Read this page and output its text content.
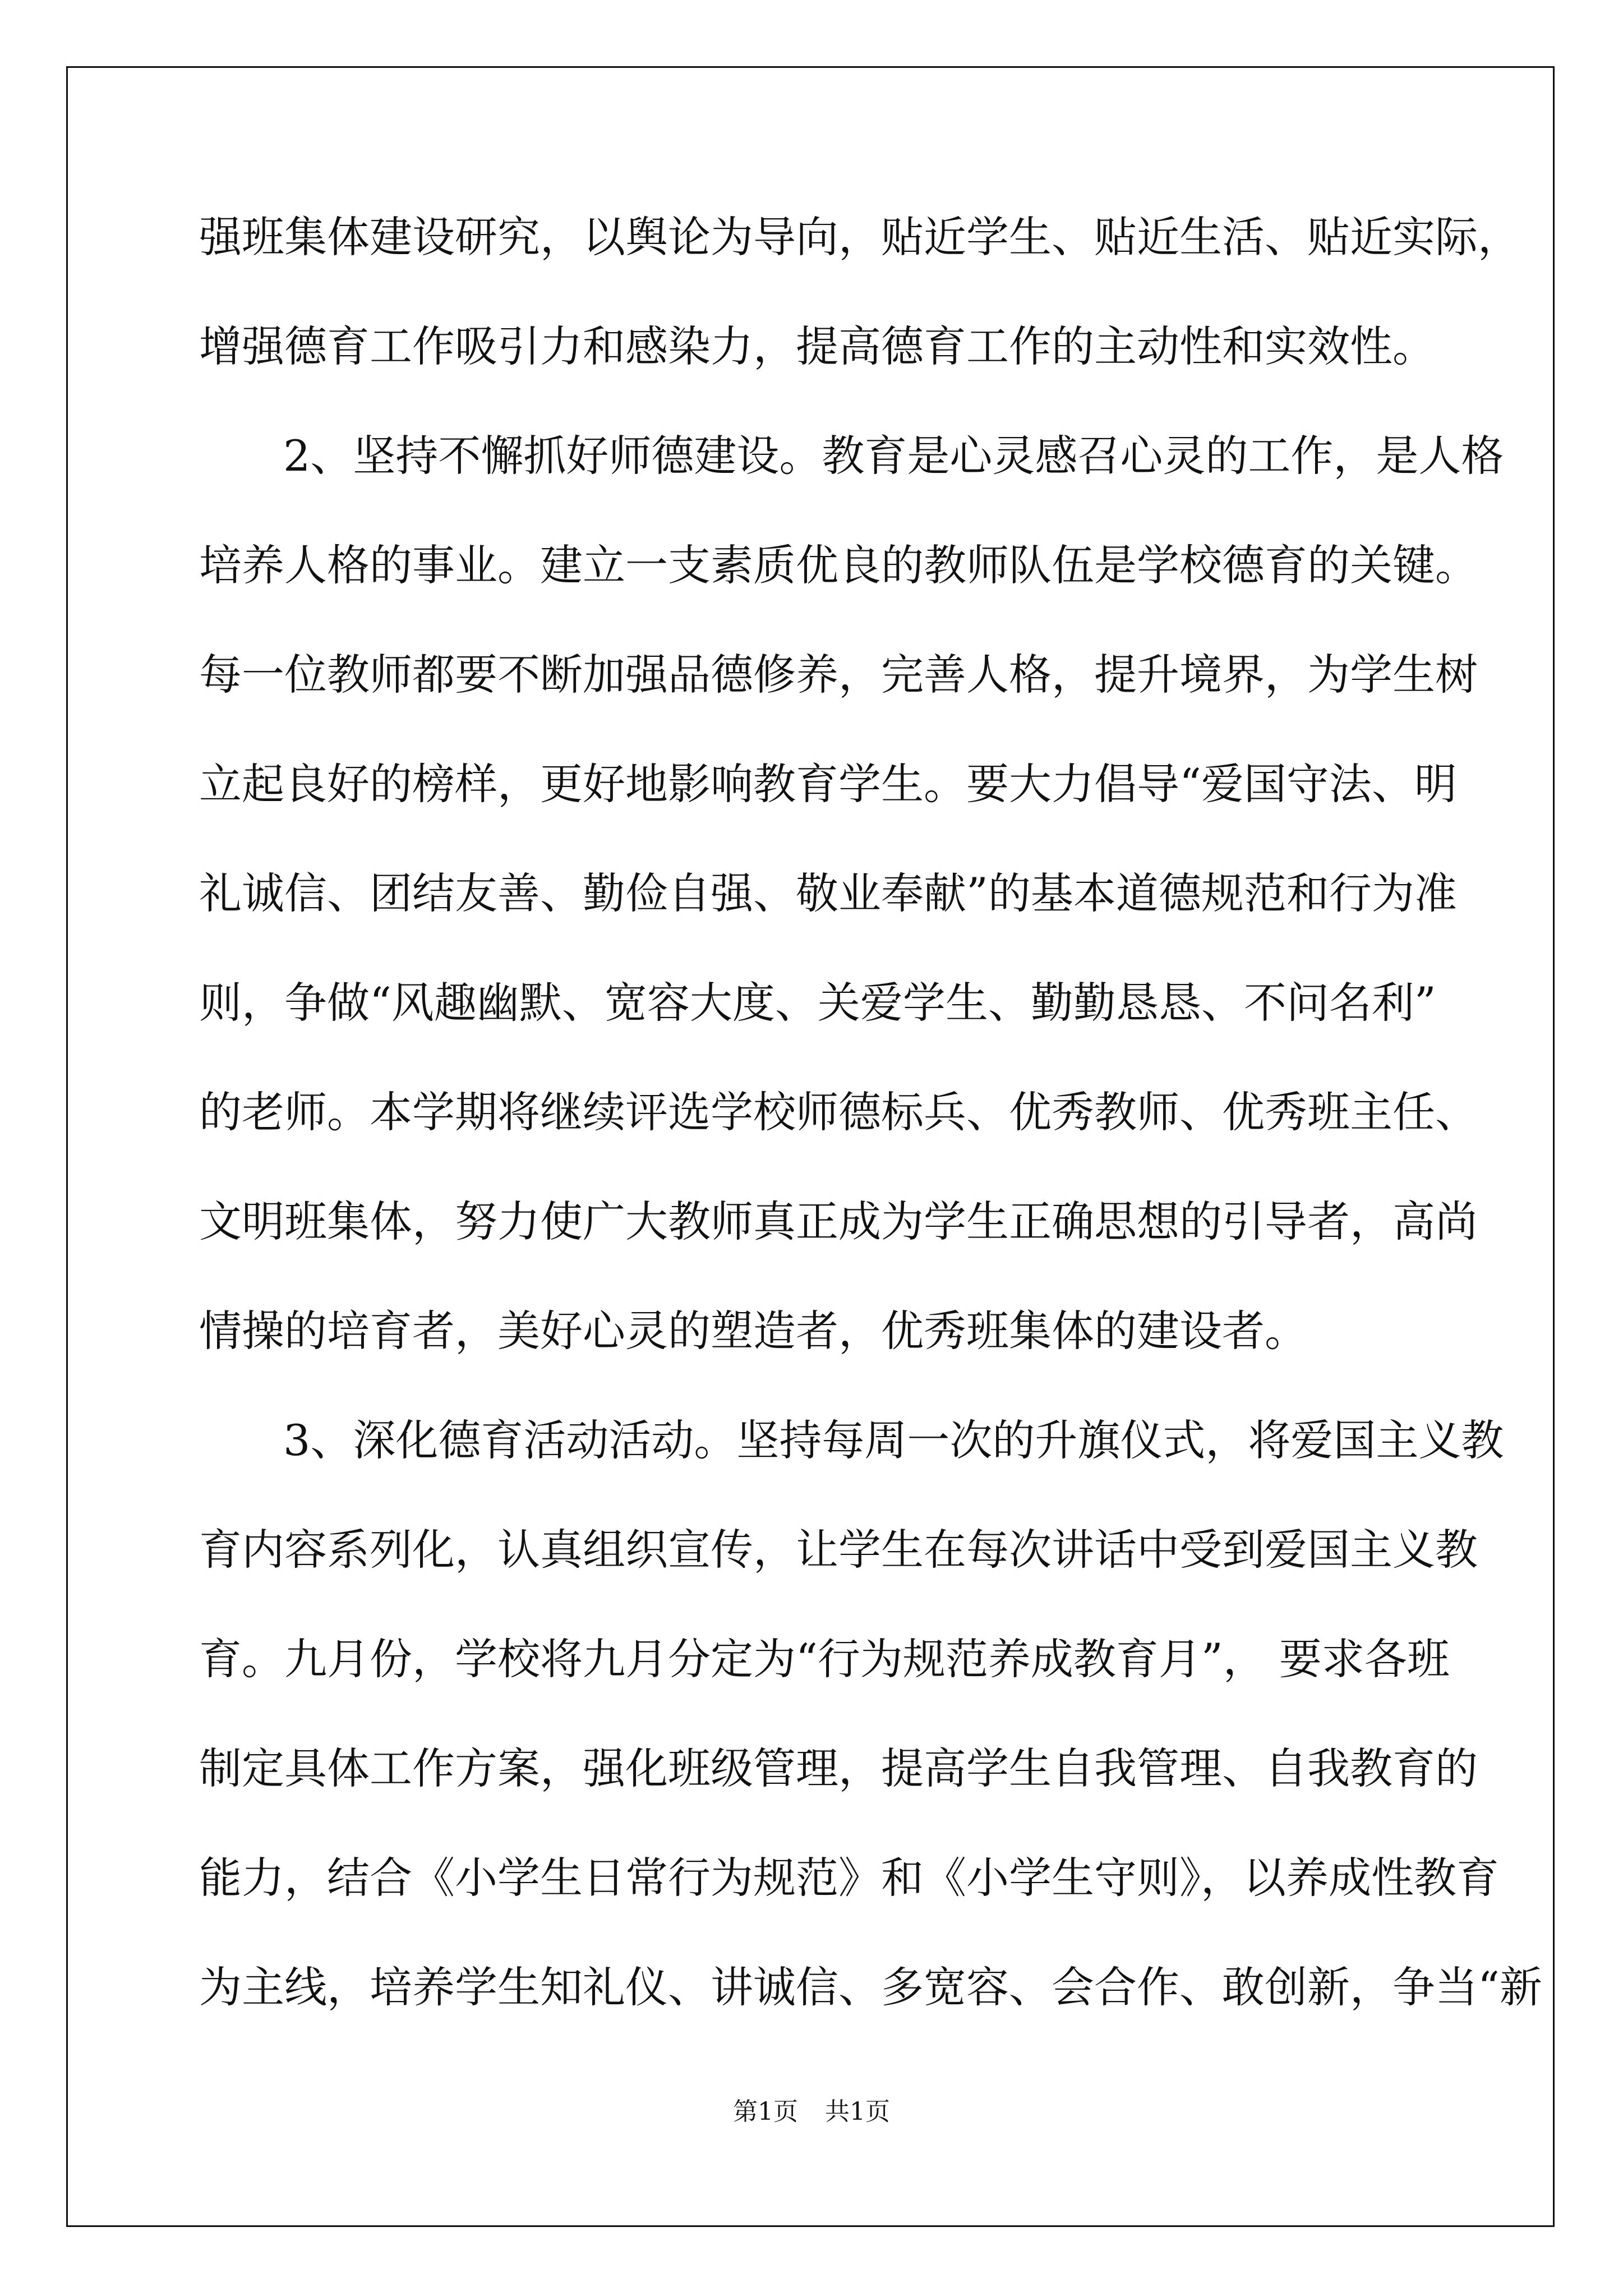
强班集体建设研究，以舆论为导向，贴近学生、贴近生活、贴近实际，
增强德育工作吸引力和感染力，提高德育工作的主动性和实效性。
2、坚持不懈抓好师德建设。教育是心灵感召心灵的工作，是人格
培养人格的事业。建立一支素质优良的教师队伍是学校德育的关键。
每一位教师都要不断加强品德修养，完善人格，提升境界，为学生树
立起良好的榜样，更好地影响教育学生。要大力倡导“爱国守法、明
礼诚信、团结友善、勤俭自强、敬业奉献”的基本道德规范和行为准
则，争做“风趣幽默、宽容大度、关爱学生、勤勤恳恳、不问名利”
的老师。本学期将继续评选学校师德标兵、优秀教师、优秀班主任、
文明班集体，努力使广大教师真正成为学生正确思想的引导者，高尚
情操的培育者，美好心灵的塑造者，优秀班集体的建设者。
3、深化德育活动活动。坚持每周一次的升旗仪式，将爱国主义教
育内容系列化，认真组织宣传，让学生在每次讲话中受到爱国主义教
育。九月份，学校将九月分定为“行为规范养成教育月”， 要求各班
制定具体工作方案，强化班级管理，提高学生自我管理、自我教育的
能力，结合《小学生日常行为规范》和《小学生守则》，以养成性教育
为主线，培养学生知礼仪、讲诚信、多宽容、会合作、敢创新，争当“新
第1页 共1页
